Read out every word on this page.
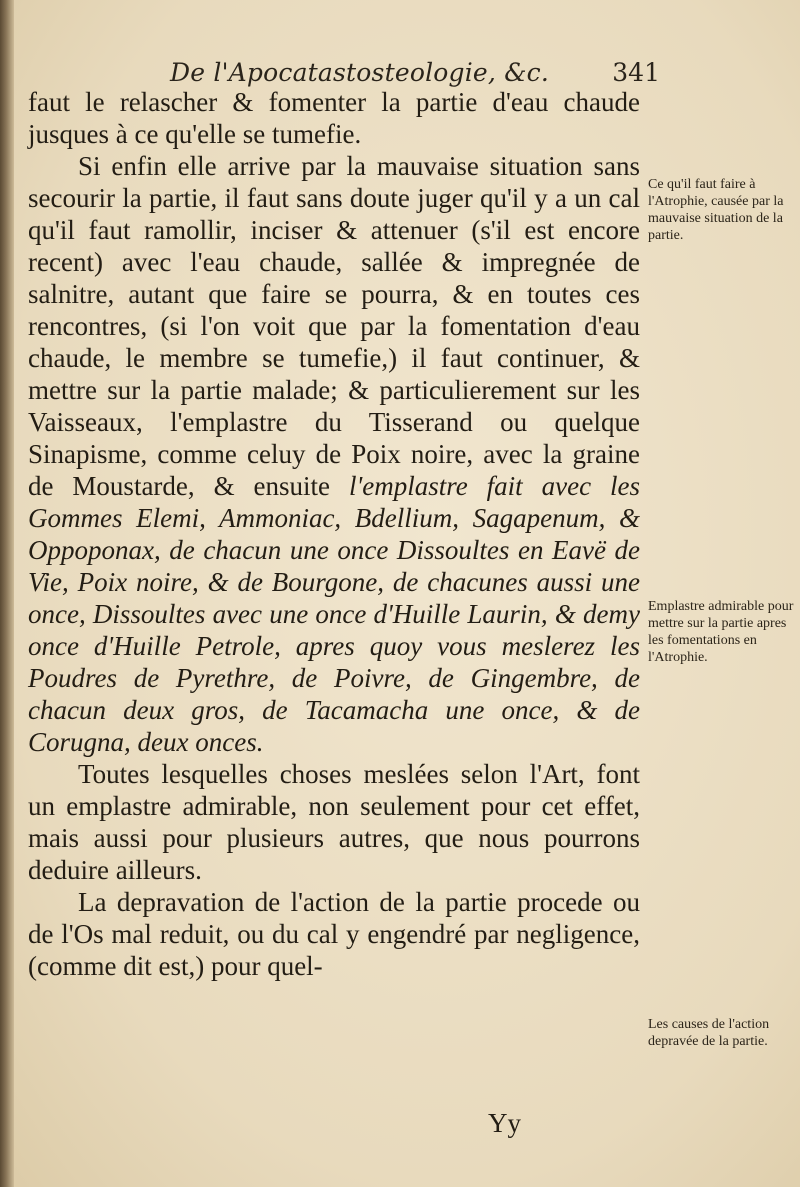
De l'Apocatastosteologie, &c.	341

faut le relascher & fomenter la partie d'eau chaude jusques à ce qu'elle se tumefie.

Si enfin elle arrive par la mauvaise situation sans secourir la partie, il faut sans doute juger qu'il y a un cal qu'il faut ramollir, inciser & attenuer (s'il est encore recent) avec l'eau chaude, sallée & impregnée de salnitre, autant que faire se pourra, & en toutes ces rencontres, (si l'on voit que par la fomentation d'eau chaude, le membre se tumefie,) il faut continuer, & mettre sur la partie malade; & particulierement sur les Vaisseaux, l'emplastre du Tisserand ou quelque Sinapisme, comme celuy de Poix noire, avec la graine de Moustarde, & ensuite l'emplastre fait avec les Gommes Elemi, Ammoniac, Bdellium, Sagapenum, & Oppoponax, de chacun une once Dissoultes en Eavë de Vie, Poix noire, & de Bourgone, de chacunes aussi une once, Dissoultes avec une once d'Huille Laurin, & demy once d'Huille Petrole, apres quoy vous meslerez les Poudres de Pyrethre, de Poivre, de Gingembre, de chacun deux gros, de Tacamacha une once, & de Corugna, deux onces.

Toutes lesquelles choses meslées selon l'Art, font un emplastre admirable, non seulement pour cet effet, mais aussi pour plusieurs autres, que nous pourrons deduire ailleurs.

La depravation de l'action de la partie procede ou de l'Os mal reduit, ou du cal y engendré par negligence, (comme dit est,) pour quel-

Yy
Ce qu'il faut faire à l'Atrophie, causée par la mauvaise situation de la partie.
Emplastre admirable pour mettre sur la partie apres les fomentations en l'Atrophie.
Les causes de l'action depravée de la partie.
